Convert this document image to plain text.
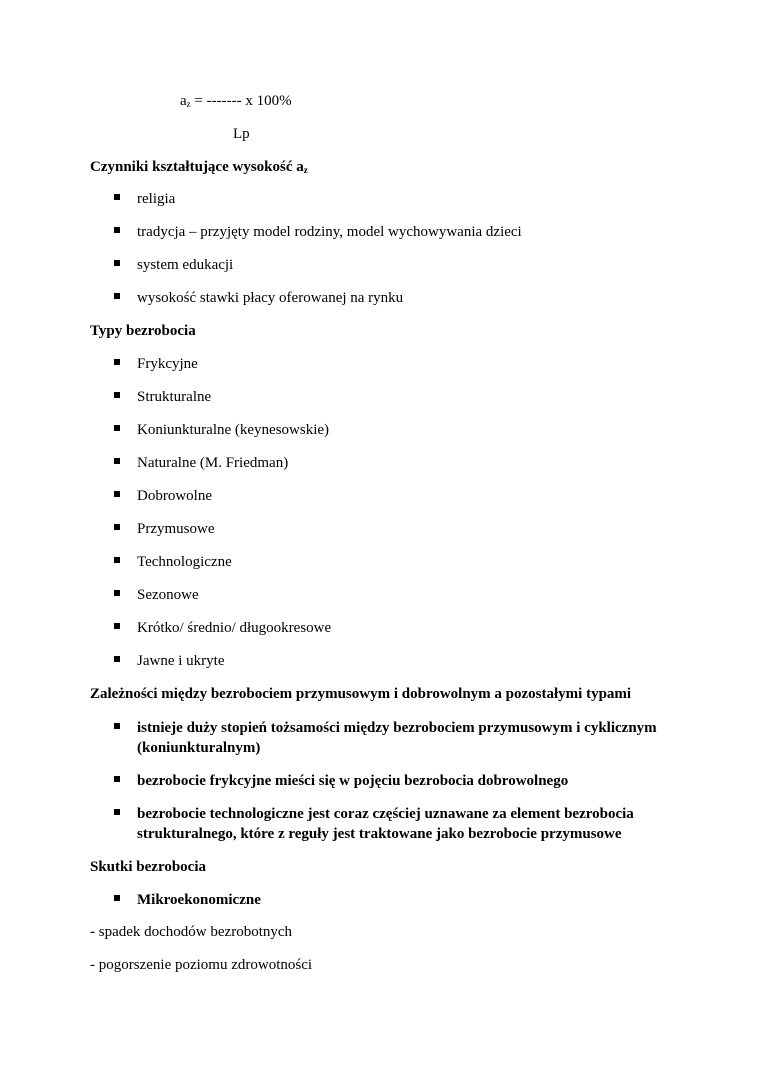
$a_z$ = ------- x 100%
Lp
Czynniki kształtujące wysokość $a_z$
religia
tradycja – przyjęty model rodziny, model wychowywania dzieci
system edukacji
wysokość stawki płacy oferowanej na rynku
Typy bezrobocia
Frykcyjne
Strukturalne
Koniunkturalne (keynesowskie)
Naturalne (M. Friedman)
Dobrowolne
Przymusowe
Technologiczne
Sezonowe
Krótko/ średnio/ długookresowe
Jawne i ukryte
Zależności między bezrobociem przymusowym i dobrowolnym a pozostałymi typami
istnieje duży stopień tożsamości między bezrobociem przymusowym i cyklicznym (koniunkturalnym)
bezrobocie frykcyjne mieści się w pojęciu bezrobocia dobrowolnego
bezrobocie technologiczne jest coraz częściej uznawane za element bezrobocia strukturalnego, które z reguły jest traktowane jako bezrobocie przymusowe
Skutki bezrobocia
Mikroekonomiczne
- spadek dochodów bezrobotnych
- pogorszenie poziomu zdrowotności
